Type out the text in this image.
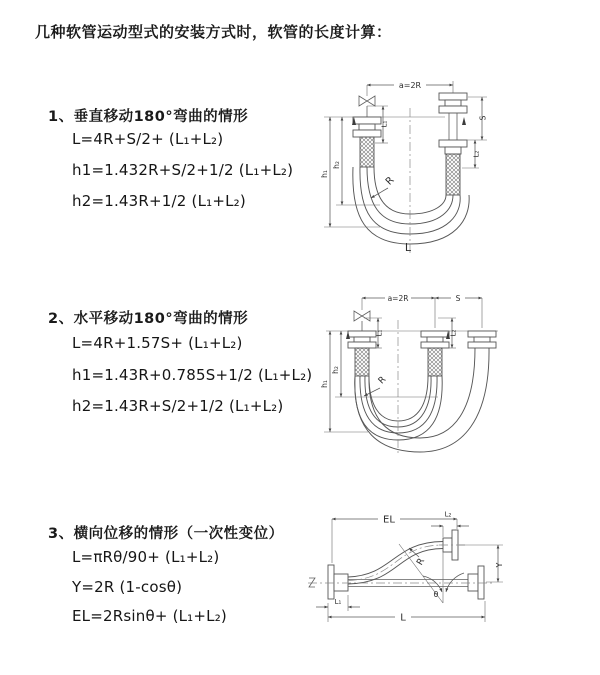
几种软管运动型式的安装方式时，软管的长度计算：
1、垂直移动180°弯曲的情形
L=4R+S/2+ (L₁+L₂)
h1=1.432R+S/2+1/2 (L₁+L₂)
h2=1.43R+1/2 (L₁+L₂)
2、水平移动180°弯曲的情形
L=4R+1.57S+ (L₁+L₂)
h1=1.43R+0.785S+1/2 (L₁+L₂)
h2=1.43R+S/2+1/2 (L₁+L₂)
3、横向位移的情形（一次性变位）
L=πRθ/90+ (L₁+L₂)
Y=2R (1-cosθ)
EL=2Rsinθ+ (L₁+L₂)
a=2R
R
h₁
h₂
L₁
S
L₂
L
a=2R	S
R
h₁
h₂
L₁	L₂
EL	L₂
R
θ
Y
L
L₁
